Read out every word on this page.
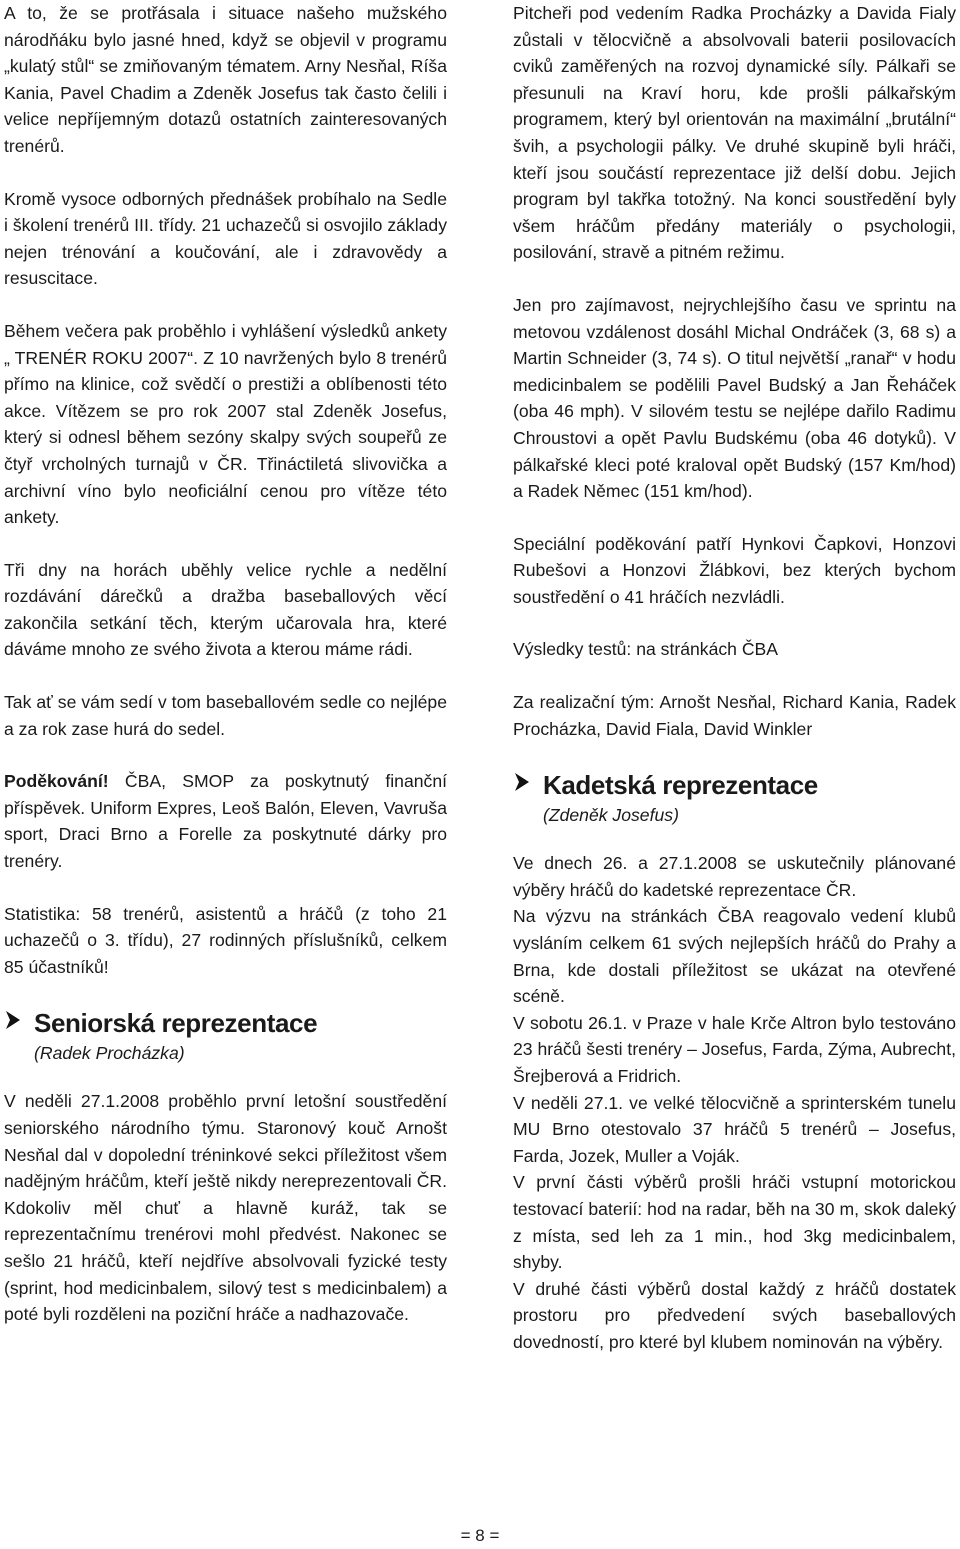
A to, že se protřásala i situace našeho mužského národňáku bylo jasné hned, když se objevil v programu „kulatý stůl“ se zmiňovaným tématem. Arny Nesňal, Ríša Kania, Pavel Chadim a Zdeněk Josefus tak často čelili i velice nepříjemným dotazů ostatních zainteresovaných trenérů.

Kromě vysoce odborných přednášek probíhalo na Sedle i školení trenérů III. třídy. 21 uchazečů si osvojilo základy nejen trénování a koučování, ale i zdravovědy a resuscitace.

Během večera pak proběhlo i vyhlášení výsledků ankety „ TRENÉR ROKU 2007“. Z 10 navržených bylo 8 trenérů přímo na klinice, což svědčí o prestiži a oblíbenosti této akce. Vítězem se pro rok 2007 stal Zdeněk Josefus, který si odnesl během sezóny skalpy svých soupeřů ze čtyř vrcholných turnajů v ČR. Třináctiletá slivovička a archivní víno bylo neoficiální cenou pro vítěze této ankety.

Tři dny na horách uběhly velice rychle a nedělní rozdávání dárečků a dražba baseballových věcí zakončila setkání těch, kterým učarovala hra, které dáváme mnoho ze svého života a kterou máme rádi.

Tak ať se vám sedí v tom baseballovém sedle co nejlépe a za rok zase hurá do sedel.

Poděkování! ČBA, SMOP za poskytnutý finanční příspěvek. Uniform Expres, Leoš Balón, Eleven, Vavruša sport, Draci Brno a Forelle za poskytnuté dárky pro trenéry.

Statistika: 58 trenérů, asistentů a hráčů (z toho 21 uchazečů o 3. třídu), 27 rodinných příslušníků, celkem 85 účastníků!

Seniorská reprezentace
(Radek Procházka)

V neděli 27.1.2008 proběhlo první letošní soustředění seniorského národního týmu. Staronový kouč Arnošt Nesňal dal v dopolední tréninkové sekci příležitost všem nadějným hráčům, kteří ještě nikdy nereprezentovali ČR. Kdokoliv měl chuť a hlavně kuráž, tak se reprezentačnímu trenérovi mohl předvést. Nakonec se sešlo 21 hráčů, kteří nejdříve absolvovali fyzické testy (sprint, hod medicinbalem, silový test s medicinbalem) a poté byli rozděleni na poziční hráče a nadhazovače.

Pitcheři pod vedením Radka Procházky a Davida Fialy zůstali v tělocvičně a absolvovali baterii posilovacích cviků zaměřených na rozvoj dynamické síly. Pálkaři se přesunuli na Kraví horu, kde prošli pálkařským programem, který byl orientován na maximální „brutální“ švih, a psychologii pálky. Ve druhé skupině byli hráči, kteří jsou součástí reprezentace již delší dobu. Jejich program byl takřka totožný. Na konci soustředění byly všem hráčům předány materiály o psychologii, posilování, stravě a pitném režimu.

Jen pro zajímavost, nejrychlejšího času ve sprintu na metovou vzdálenost dosáhl Michal Ondráček (3, 68 s) a Martin Schneider (3, 74 s). O titul největší „ranař“ v hodu medicinbalem se podělili Pavel Budský a Jan Řeháček (oba 46 mph). V silovém testu se nejlépe dařilo Radimu Chroustovi a opět Pavlu Budskému (oba 46 dotyků). V pálkařské kleci poté kraloval opět Budský (157 Km/hod) a Radek Němec (151 km/hod).

Speciální poděkování patří Hynkovi Čapkovi, Honzovi Rubešovi a Honzovi Žlábkovi, bez kterých bychom soustředění o 41 hráčích nezvládli.

Výsledky testů: na stránkách ČBA

Za realizační tým: Arnošt Nesňal, Richard Kania, Radek Procházka, David Fiala, David Winkler

Kadetská reprezentace
(Zdeněk Josefus)

Ve dnech 26. a 27.1.2008 se uskutečnily plánované výběry hráčů do kadetské reprezentace ČR.

Na výzvu na stránkách ČBA reagovalo vedení klubů vysláním celkem 61 svých nejlepších hráčů do Prahy a Brna, kde dostali příležitost se ukázat na otevřené scéně.

V sobotu 26.1. v Praze v hale Krče Altron bylo testováno 23 hráčů šesti trenéry – Josefus, Farda, Zýma, Aubrecht, Šrejberová a Fridrich.

V neděli 27.1. ve velké tělocvičně a sprinterském tunelu MU Brno otestovalo 37 hráčů 5 trenérů – Josefus, Farda, Jozek, Muller a Voják.

V první části výběrů prošli hráči vstupní motorickou testovací baterií: hod na radar, běh na 30 m, skok daleký z místa, sed leh za 1 min., hod 3kg medicinbalem, shyby.

V druhé části výběrů dostal každý z hráčů dostatek prostoru pro předvedení svých baseballových dovedností, pro které byl klubem nominován na výběry.

= 8 =
